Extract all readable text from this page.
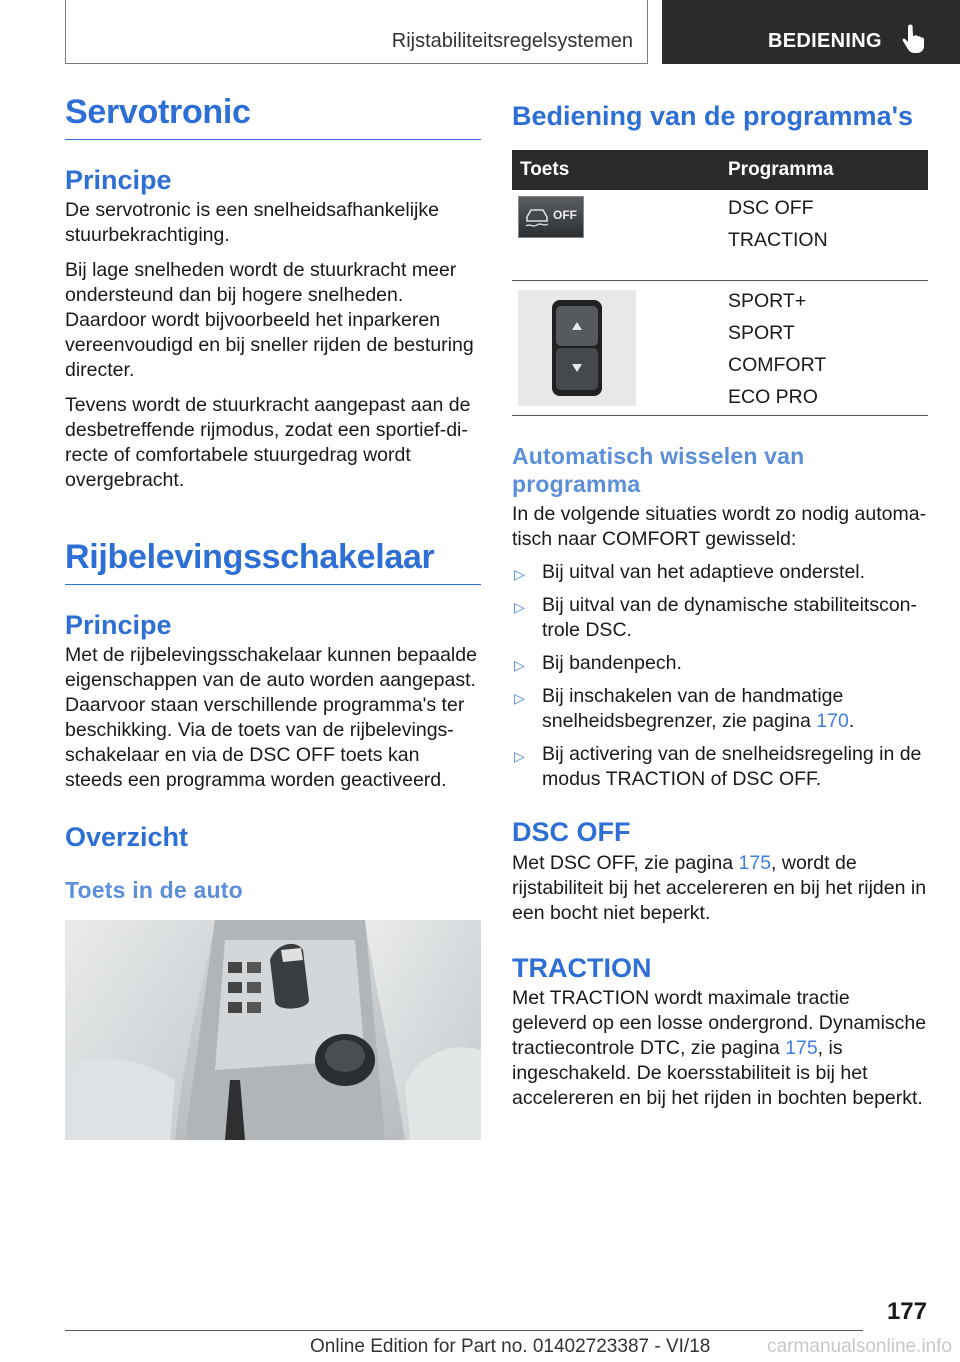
Rijstabiliteitsregelsystemen	BEDIENING
Servotronic
Principe

De servotronic is een snelheidsafhankelijke stuurbekrachtiging.

Bij lage snelheden wordt de stuurkracht meer ondersteund dan bij hogere snelheden. Daardoor wordt bijvoorbeeld het inparkeren vereenvoudigd en bij sneller rijden de besturing directer.

Tevens wordt de stuurkracht aangepast aan de desbetreffende rijmodus, zodat een sportief-directe of comfortabele stuurgedrag wordt overgebracht.

Rijbelevingsschakelaar
Principe

Met de rijbelevingsschakelaar kunnen bepaalde eigenschappen van de auto worden aangepast. Daarvoor staan verschillende programma's ter beschikking. Via de toets van de rijbelevingsschakelaar en via de DSC OFF toets kan steeds een programma worden geactiveerd.

Overzicht
Toets in de auto
Bediening van de programma's
Toets	Programma

OFF	DSC OFF
TRACTION

SPORT+
SPORT
COMFORT
ECO PRO
Automatisch wisselen van programma

In de volgende situaties wordt zo nodig automatisch naar COMFORT gewisseld:

▷ Bij uitval van het adaptieve onderstel.
▷ Bij uitval van de dynamische stabiliteitscontrole DSC.
▷ Bij bandenpech.
▷ Bij inschakelen van de handmatige snelheidsbegrenzer, zie pagina 170.
▷ Bij activering van de snelheidsregeling in de modus TRACTION of DSC OFF.
DSC OFF

Met DSC OFF, zie pagina 175, wordt de rijstabiliteit bij het accelereren en bij het rijden in een bocht niet beperkt.

TRACTION

Met TRACTION wordt maximale tractie geleverd op een losse ondergrond. Dynamische tractiecontrole DTC, zie pagina 175, is ingeschakeld. De koersstabiliteit is bij het accelereren en bij het rijden in bochten beperkt.

177
Online Edition for Part no. 01402723387 - VI/18	carmanualsonline.info
